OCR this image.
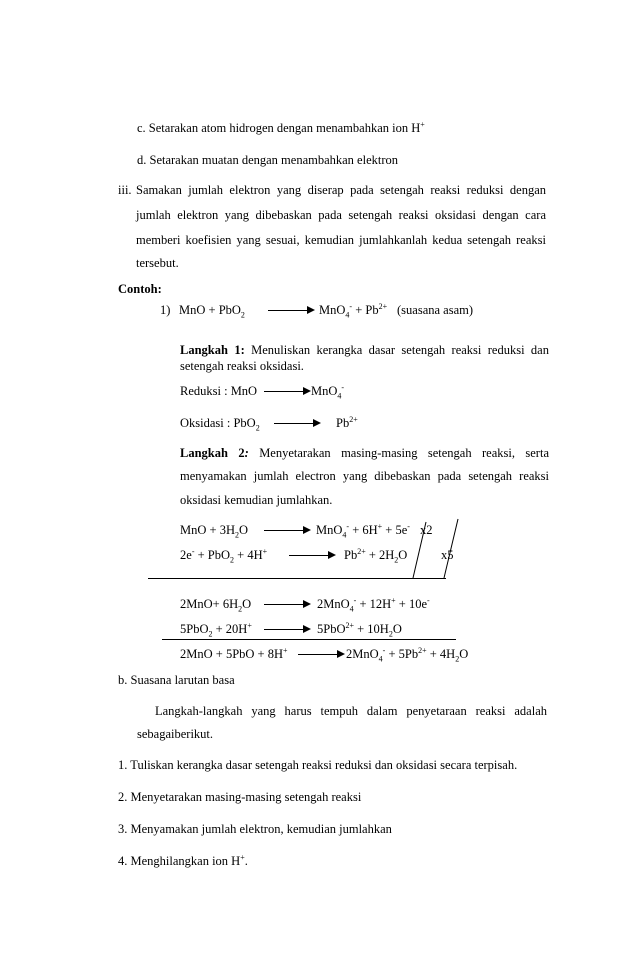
c. Setarakan atom hidrogen dengan menambahkan ion H+
d. Setarakan muatan dengan menambahkan elektron
iii. Samakan jumlah elektron yang diserap pada setengah reaksi reduksi dengan
jumlah elektron yang dibebaskan pada setengah reaksi oksidasi dengan cara
memberi koefisien yang sesuai, kemudian jumlahkanlah kedua setengah reaksi
tersebut.
Contoh:
1) MnO + PbO$_2$	$MnO_4^- + Pb^{2+}$ (suasana asam)
Langkah 1: Menuliskan kerangka dasar setengah reaksi reduksi dan
setengah reaksi oksidasi.
Reduksi : MnO	MnO$_4$-
Oksidasi : PbO$_2$	$Pb^{2+}$
Langkah 2: Menyetarakan masing-masing setengah reaksi, serta
menyamakan jumlah electron yang dibebaskan pada setengah reaksi
oksidasi kemudian jumlahkan.
MnO + $3H_2O$	MnO$_4$- + 6H+ + 5e- x2
2e- + PbO$_2$ + 4H+	$Pb^{2+} + 2H_2O$	x5
$2MnO+ 6H_2O$	2MnO$_4$- + 12H+ + 10e-
5PbO$_2$ + 20H+	$5PbO^{2+} + 10H_2O$
2MnO + 5PbO + 8H+	$2MnO_4^- + 5Pb^{2+} + 4H_2O$
b. Suasana larutan basa
Langkah-langkah yang harus tempuh dalam penyetaraan reaksi adalah
sebagaiberikut.
1. Tuliskan kerangka dasar setengah reaksi reduksi dan oksidasi secara terpisah.
2. Menyetarakan masing-masing setengah reaksi
3. Menyamakan jumlah elektron, kemudian jumlahkan
4. Menghilangkan ion H+.
